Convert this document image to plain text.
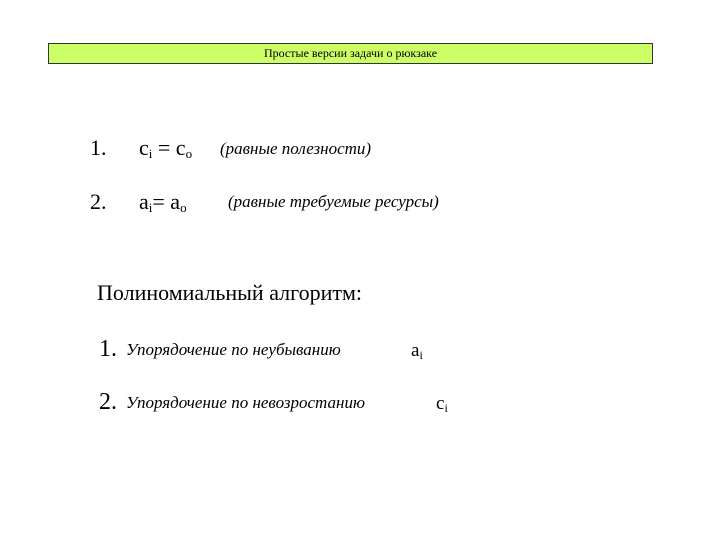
Простые версии задачи о рюкзаке
1. $c_i = c_o$ (равные полезности)
2. $a_i= a_o$ (равные требуемые ресурсы)
Полиномиальный алгоритм:
1. Упорядочение по неубыванию	$a_i$
2. Упорядочение по невозростанию	$c_i$
